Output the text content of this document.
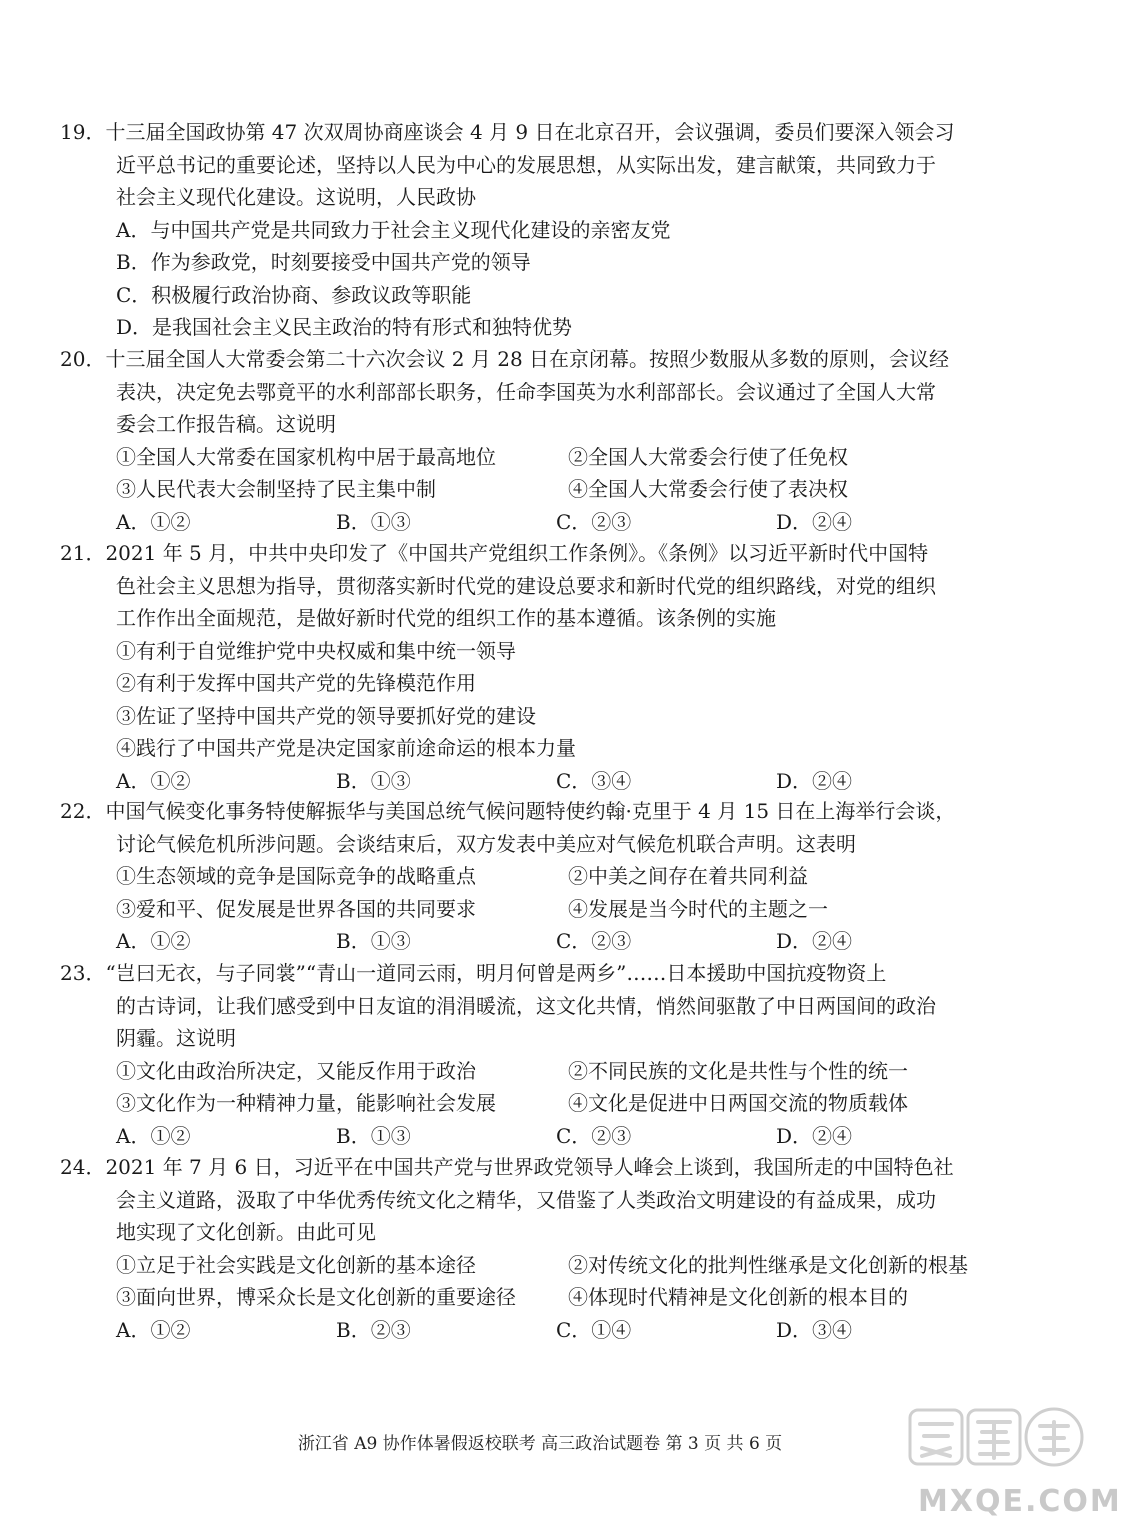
19．十三届全国政协第 47 次双周协商座谈会 4 月 9 日在北京召开，会议强调，委员们要深入领会习
近平总书记的重要论述，坚持以人民为中心的发展思想，从实际出发，建言献策，共同致力于
社会主义现代化建设。这说明，人民政协
A．与中国共产党是共同致力于社会主义现代化建设的亲密友党
B．作为参政党，时刻要接受中国共产党的领导
C．积极履行政治协商、参政议政等职能
D．是我国社会主义民主政治的特有形式和独特优势
20．十三届全国人大常委会第二十六次会议 2 月 28 日在京闭幕。按照少数服从多数的原则，会议经
表决，决定免去鄂竟平的水利部部长职务，任命李国英为水利部部长。会议通过了全国人大常
委会工作报告稿。这说明
①全国人大常委在国家机构中居于最高地位	②全国人大常委会行使了任免权
③人民代表大会制坚持了民主集中制	④全国人大常委会行使了表决权
A．①②	B．①③	C．②③	D．②④
21．2021 年 5 月，中共中央印发了《中国共产党组织工作条例》。《条例》以习近平新时代中国特
色社会主义思想为指导，贯彻落实新时代党的建设总要求和新时代党的组织路线，对党的组织
工作作出全面规范，是做好新时代党的组织工作的基本遵循。该条例的实施
①有利于自觉维护党中央权威和集中统一领导
②有利于发挥中国共产党的先锋模范作用
③佐证了坚持中国共产党的领导要抓好党的建设
④践行了中国共产党是决定国家前途命运的根本力量
A．①②	B．①③	C．③④	D．②④
22．中国气候变化事务特使解振华与美国总统气候问题特使约翰·克里于 4 月 15 日在上海举行会谈，
讨论气候危机所涉问题。会谈结束后，双方发表中美应对气候危机联合声明。这表明
①生态领域的竞争是国际竞争的战略重点	②中美之间存在着共同利益
③爱和平、促发展是世界各国的共同要求	④发展是当今时代的主题之一
A．①②	B．①③	C．②③	D．②④
23．“岂曰无衣，与子同裳”“青山一道同云雨，明月何曾是两乡”……日本援助中国抗疫物资上
的古诗词，让我们感受到中日友谊的涓涓暖流，这文化共情，悄然间驱散了中日两国间的政治
阴霾。这说明
①文化由政治所决定，又能反作用于政治	②不同民族的文化是共性与个性的统一
③文化作为一种精神力量，能影响社会发展	④文化是促进中日两国交流的物质载体
A．①②	B．①③	C．②③	D．②④
24．2021 年 7 月 6 日，习近平在中国共产党与世界政党领导人峰会上谈到，我国所走的中国特色社
会主义道路，汲取了中华优秀传统文化之精华，又借鉴了人类政治文明建设的有益成果，成功
地实现了文化创新。由此可见
①立足于社会实践是文化创新的基本途径	②对传统文化的批判性继承是文化创新的根基
③面向世界，博采众长是文化创新的重要途径	④体现时代精神是文化创新的根本目的
A．①②	B．②③	C．①④	D．③④
浙江省 A9 协作体暑假返校联考 高三政治试题卷 第 3 页 共 6 页
MXQE.COM
